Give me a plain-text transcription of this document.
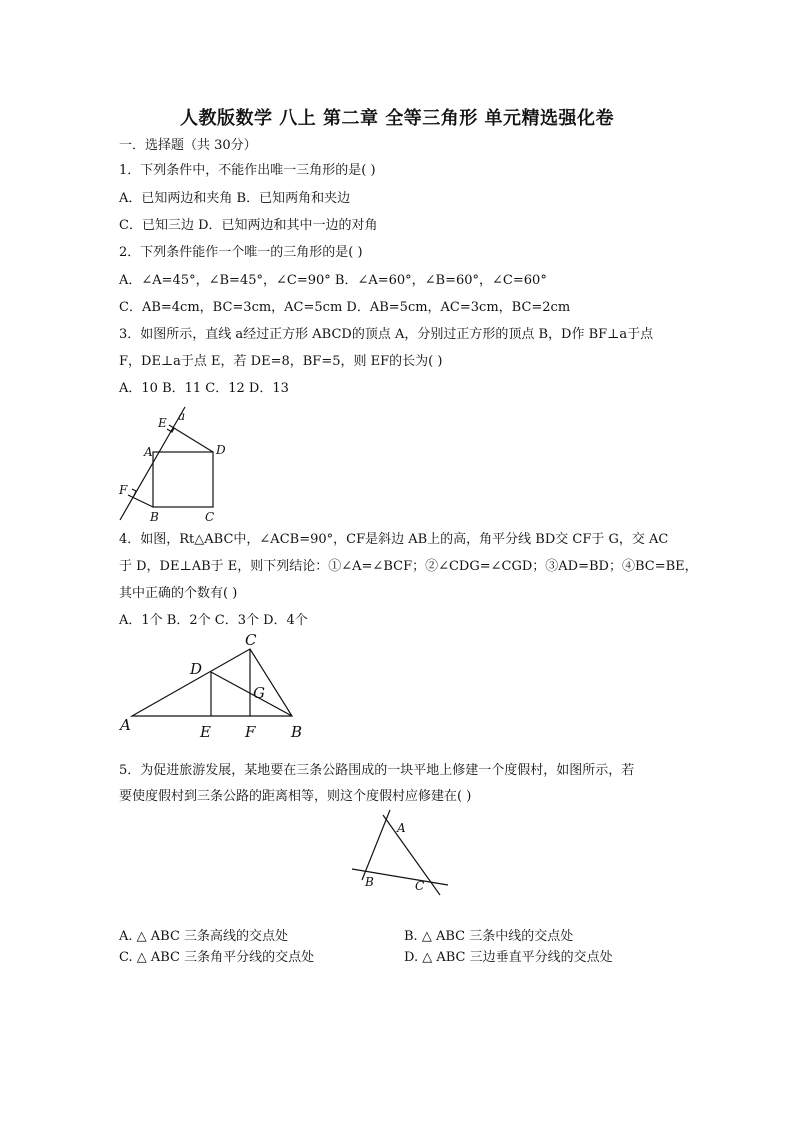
人教版数学 八上 第二章 全等三角形 单元精选强化卷
一．选择题（共 30分）
1．下列条件中，不能作出唯一三角形的是( )
A．已知两边和夹角 B．已知两角和夹边
C．已知三边 D．已知两边和其中一边的对角
2．下列条件能作一个唯一的三角形的是( )
A．∠A=45°，∠B=45°，∠C=90° B．∠A=60°，∠B=60°，∠C=60°
C．AB=4cm，BC=3cm，AC=5cm D．AB=5cm，AC=3cm，BC=2cm
3．如图所示，直线 a经过正方形 ABCD的顶点 A，分别过正方形的顶点 B，D作 BF⊥a于点
F，DE⊥a于点 E，若 DE=8，BF=5，则 EF的长为( )
A．10 B．11 C．12 D．13
E a
A	D
F
B	C
4．如图，Rt△ABC中，∠ACB=90°，CF是斜边 AB上的高，角平分线 BD交 CF于 G，交 AC
于 D，DE⊥AB于 E，则下列结论：①∠A=∠BCF；②∠CDG=∠CGD；③AD=BD；④BC=BE，
其中正确的个数有( )
A．1个 B．2个 C．3个 D．4个
C
D
G
A	E F B
5．为促进旅游发展，某地要在三条公路围成的一块平地上修建一个度假村，如图所示，若
要使度假村到三条公路的距离相等，则这个度假村应修建在( )
A
B	C
A. △ ABC 三条高线的交点处	B. △ ABC 三条中线的交点处
C. △ ABC 三条角平分线的交点处	D. △ ABC 三边垂直平分线的交点处
